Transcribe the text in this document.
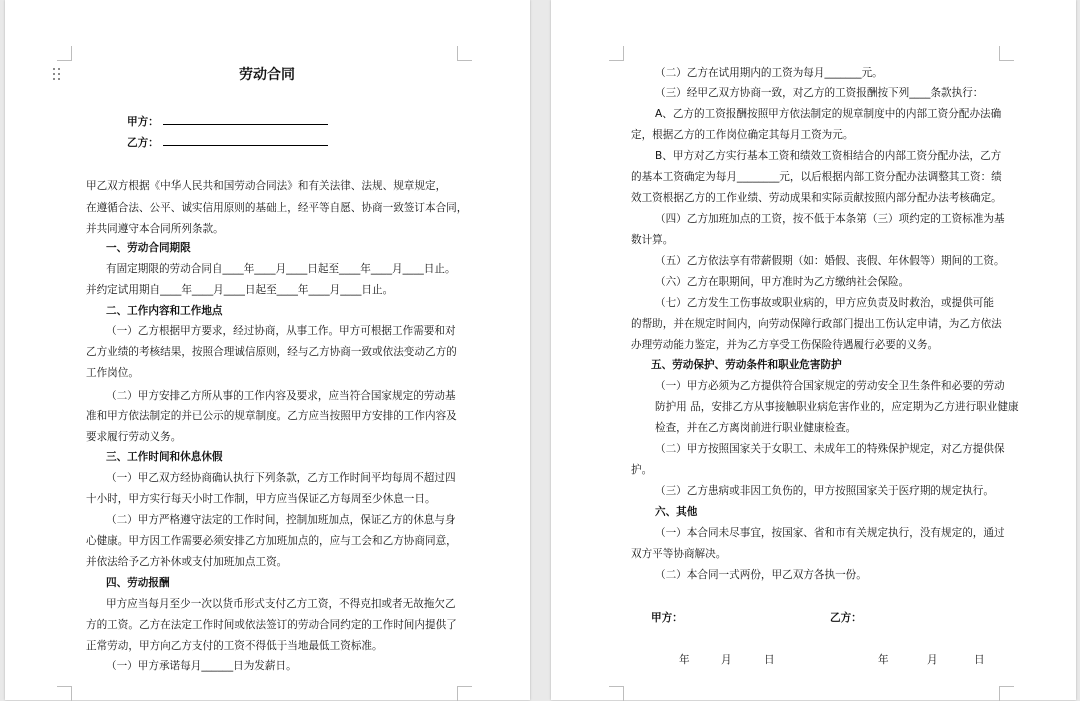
劳动合同
甲方：
乙方：
甲乙双方根据《中华人民共和国劳动合同法》和有关法律、法规、规章规定，
在遵循合法、公平、诚实信用原则的基础上，经平等自愿、协商一致签订本合同，
并共同遵守本合同所列条款。
一、劳动合同期限
有固定期限的劳动合同自____年____月____日起至____年____月____日止。
并约定试用期自____年____月____日起至____年____月____日止。
二、工作内容和工作地点
（一）乙方根据甲方要求，经过协商，从事工作。甲方可根据工作需要和对
乙方业绩的考核结果，按照合理诚信原则，经与乙方协商一致或依法变动乙方的
工作岗位。
（二）甲方安排乙方所从事的工作内容及要求，应当符合国家规定的劳动基
准和甲方依法制定的并已公示的规章制度。乙方应当按照甲方安排的工作内容及
要求履行劳动义务。
三、工作时间和休息休假
（一）甲乙双方经协商确认执行下列条款，乙方工作时间平均每周不超过四
十小时，甲方实行每天小时工作制，甲方应当保证乙方每周至少休息一日。
（二）甲方严格遵守法定的工作时间，控制加班加点，保证乙方的休息与身
心健康。甲方因工作需要必须安排乙方加班加点的，应与工会和乙方协商同意，
并依法给予乙方补休或支付加班加点工资。
四、劳动报酬
甲方应当每月至少一次以货币形式支付乙方工资，不得克扣或者无故拖欠乙
方的工资。乙方在法定工作时间或依法签订的劳动合同约定的工作时间内提供了
正常劳动，甲方向乙方支付的工资不得低于当地最低工资标准。
（一）甲方承诺每月______日为发薪日。
甲方：	乙方：
年	月	日	年	月	日
（二）乙方在试用期内的工资为每月_______元。
（三）经甲乙双方协商一致，对乙方的工资报酬按下列____条款执行：
A、乙方的工资报酬按照甲方依法制定的规章制度中的内部工资分配办法确
定，根据乙方的工作岗位确定其每月工资为元。
B、甲方对乙方实行基本工资和绩效工资相结合的内部工资分配办法，乙方
的基本工资确定为每月________元，以后根据内部工资分配办法调整其工资：绩
效工资根据乙方的工作业绩、劳动成果和实际贡献按照内部分配办法考核确定。
（四）乙方加班加点的工资，按不低于本条第（三）项约定的工资标准为基
数计算。
（五）乙方依法享有带薪假期（如：婚假、丧假、年休假等）期间的工资。
（六）乙方在职期间，甲方准时为乙方缴纳社会保险。
（七）乙方发生工伤事故或职业病的，甲方应负责及时救治，或提供可能
的帮助，并在规定时间内，向劳动保障行政部门提出工伤认定申请，为乙方依法
办理劳动能力鉴定，并为乙方享受工伤保险待遇履行必要的义务。
五、劳动保护、劳动条件和职业危害防护
（一）甲方必须为乙方提供符合国家规定的劳动安全卫生条件和必要的劳动
防护用 品，安排乙方从事接触职业病危害作业的，应定期为乙方进行职业健康
检查，并在乙方离岗前进行职业健康检查。
（二）甲方按照国家关于女职工、未成年工的特殊保护规定，对乙方提供保
护。
（三）乙方患病或非因工负伤的，甲方按照国家关于医疗期的规定执行。
六、其他
（一）本合同未尽事宜，按国家、省和市有关规定执行，没有规定的，通过
双方平等协商解决。
（二）本合同一式两份，甲乙双方各执一份。
